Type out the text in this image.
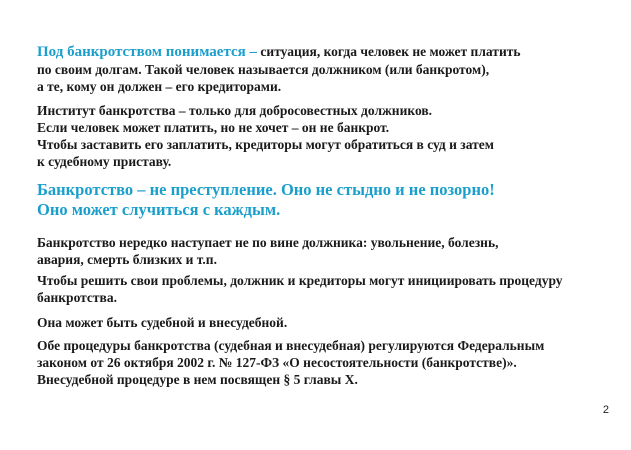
Под банкротством понимается – ситуация, когда человек не может платить
по своим долгам. Такой человек называется должником (или банкротом),
а те, кому он должен – его кредиторами.

Институт банкротства – только для добросовестных должников.
Если человек может платить, но не хочет – он не банкрот.
Чтобы заставить его заплатить, кредиторы могут обратиться в суд и затем
к судебному приставу.

Банкротство – не преступление. Оно не стыдно и не позорно!
Оно может случиться с каждым.

Банкротство нередко наступает не по вине должника: увольнение, болезнь,
авария, смерть близких и т.п.

Чтобы решить свои проблемы, должник и кредиторы могут инициировать процедуру
банкротства.

Она может быть судебной и внесудебной.

Обе процедуры банкротства (судебная и внесудебная) регулируются Федеральным
законом от 26 октября 2002 г. № 127-ФЗ «О несостоятельности (банкротстве)».
Внесудебной процедуре в нем посвящен § 5 главы X.

2
